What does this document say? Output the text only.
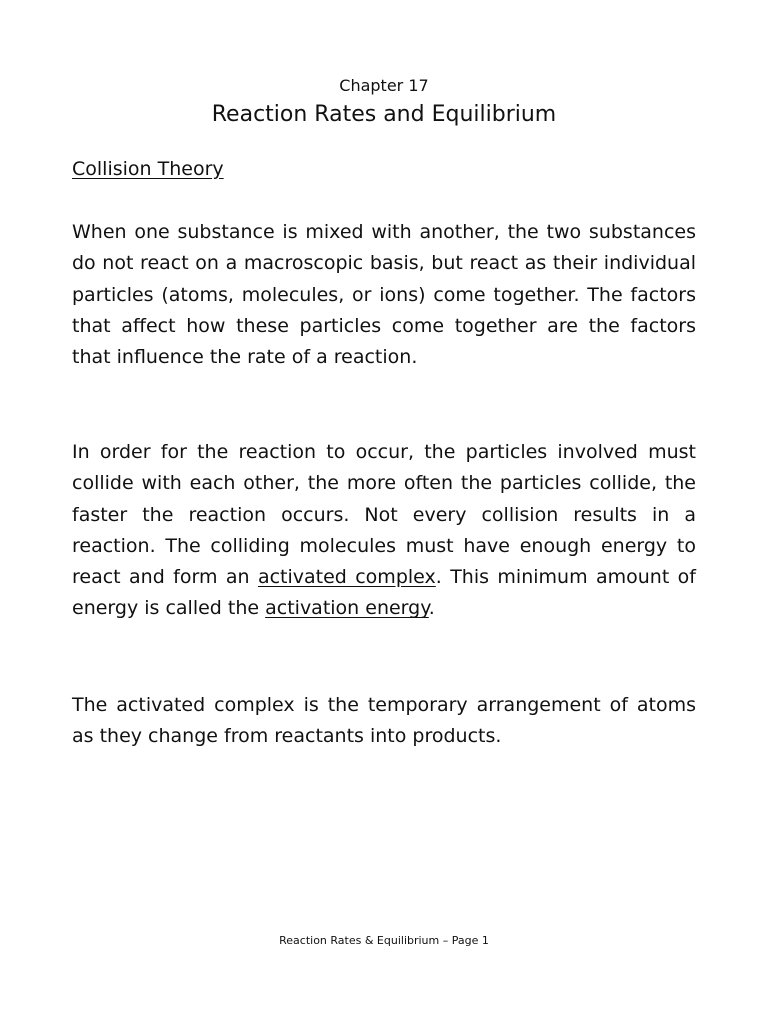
Chapter 17
Reaction Rates and Equilibrium
Collision Theory

When one substance is mixed with another, the two substances do not react on a macroscopic basis, but react as their individual particles (atoms, molecules, or ions) come together. The factors that affect how these particles come together are the factors that influence the rate of a reaction.

In order for the reaction to occur, the particles involved must collide with each other, the more often the particles collide, the faster the reaction occurs. Not every collision results in a reaction. The colliding molecules must have enough energy to react and form an activated complex. This minimum amount of energy is called the activation energy.

The activated complex is the temporary arrangement of atoms as they change from reactants into products.

Reaction Rates & Equilibrium – Page 1
